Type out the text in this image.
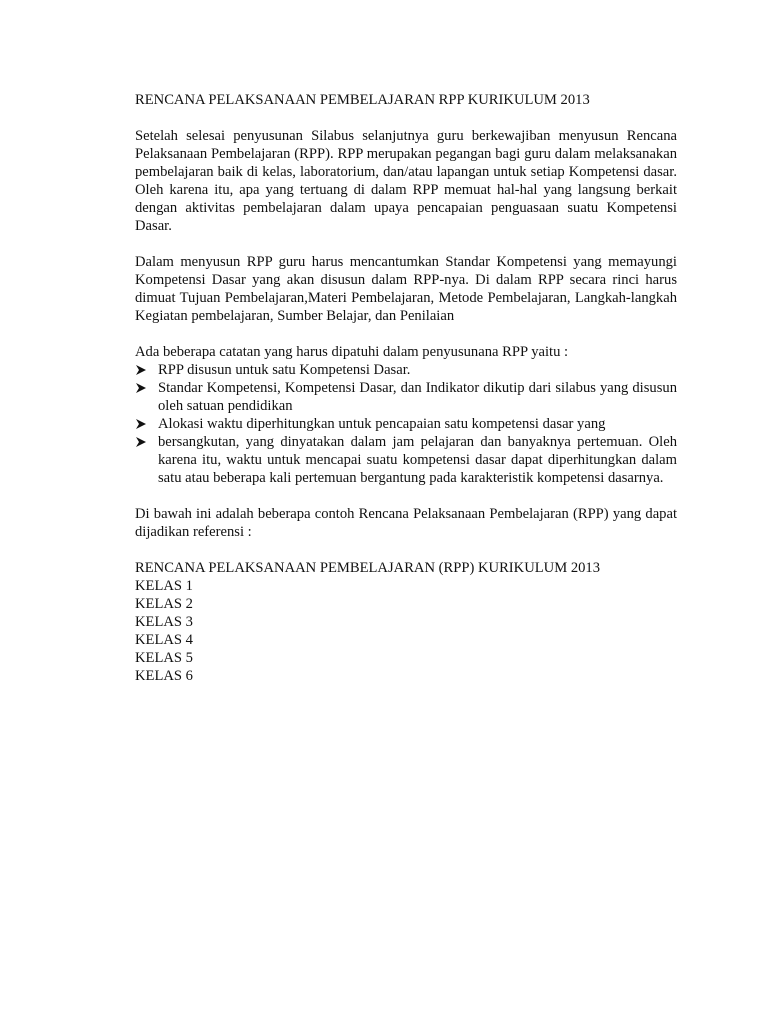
RENCANA PELAKSANAAN PEMBELAJARAN RPP KURIKULUM 2013

Setelah selesai penyusunan Silabus selanjutnya guru berkewajiban menyusun Rencana Pelaksanaan Pembelajaran (RPP). RPP merupakan pegangan bagi guru dalam melaksanakan pembelajaran baik di kelas, laboratorium, dan/atau lapangan untuk setiap Kompetensi dasar. Oleh karena itu, apa yang tertuang di dalam RPP memuat hal-hal yang langsung berkait dengan aktivitas pembelajaran dalam upaya pencapaian penguasaan suatu Kompetensi Dasar.

Dalam menyusun RPP guru harus mencantumkan Standar Kompetensi yang memayungi Kompetensi Dasar yang akan disusun dalam RPP-nya. Di dalam RPP secara rinci harus dimuat Tujuan Pembelajaran,Materi Pembelajaran, Metode Pembelajaran, Langkah-langkah Kegiatan pembelajaran, Sumber Belajar, dan Penilaian

Ada beberapa catatan yang harus dipatuhi dalam penyusunana RPP yaitu :
RPP disusun untuk satu Kompetensi Dasar.
Standar Kompetensi, Kompetensi Dasar, dan Indikator dikutip dari silabus yang disusun oleh satuan pendidikan
Alokasi waktu diperhitungkan untuk pencapaian satu kompetensi dasar yang
bersangkutan, yang dinyatakan dalam jam pelajaran dan banyaknya pertemuan. Oleh karena itu, waktu untuk mencapai suatu kompetensi dasar dapat diperhitungkan dalam satu atau beberapa kali pertemuan bergantung pada karakteristik kompetensi dasarnya.

Di bawah ini adalah beberapa contoh Rencana Pelaksanaan Pembelajaran (RPP) yang dapat dijadikan referensi :

RENCANA PELAKSANAAN PEMBELAJARAN (RPP) KURIKULUM 2013
KELAS 1
KELAS 2
KELAS 3
KELAS 4
KELAS 5
KELAS 6
